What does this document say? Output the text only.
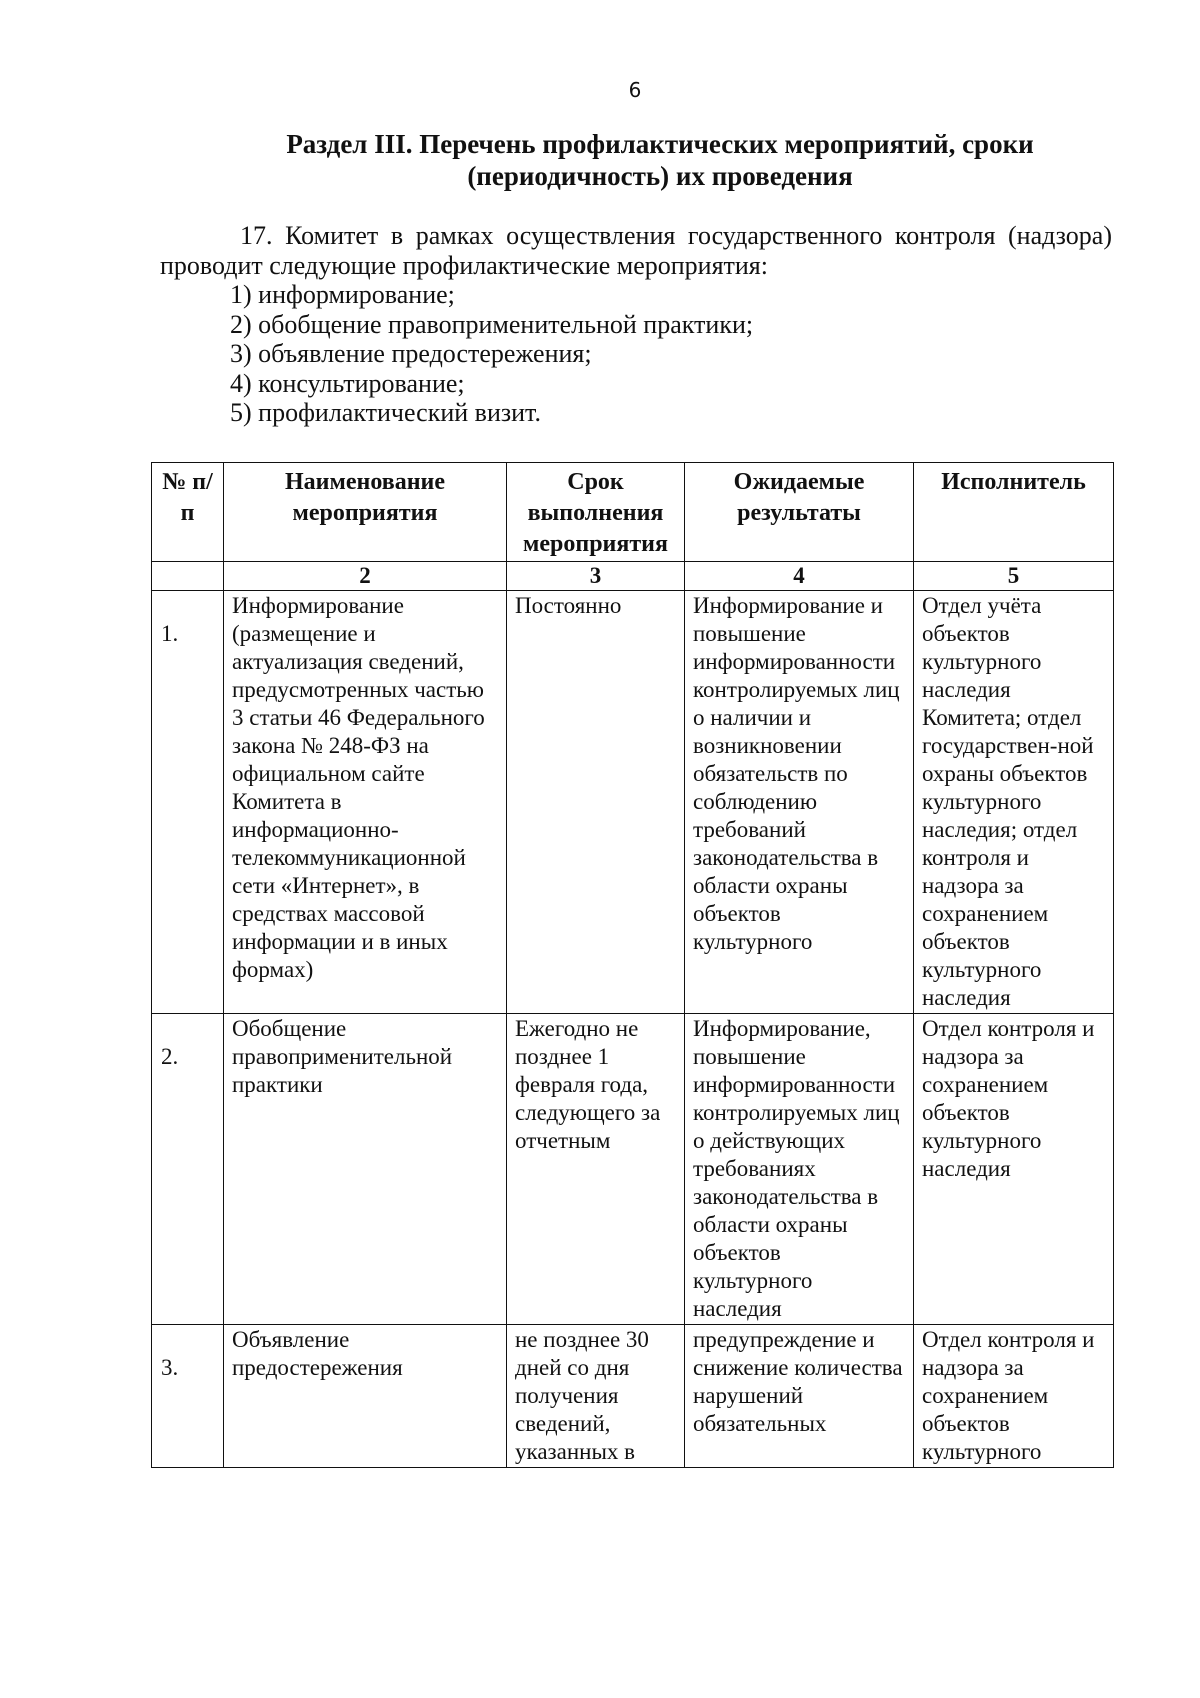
6
Раздел III. Перечень профилактических мероприятий, сроки
(периодичность) их проведения

17. Комитет в рамках осуществления государственного контроля (надзора) проводит следующие профилактические мероприятия:

1) информирование;

2) обобщение правоприменительной практики;

3) объявление предостережения;

4) консультирование;

5) профилактический визит.

№ п/п	Наименование мероприятия	Срок выполнения мероприятия	Ожидаемые результаты	Исполнитель
	2	3	4	5

1.	Информирование (размещение и актуализация сведений, предусмотренных частью 3 статьи 46 Федерального закона № 248-ФЗ на официальном сайте Комитета в информационно-телекоммуникационной сети «Интернет», в средствах массовой информации и в иных формах)	Постоянно	Информирование и повышение информированности контролируемых лиц о наличии и возникновении обязательств по соблюдению требований законодательства в области охраны объектов культурного	Отдел учёта объектов культурного наследия Комитета; отдел государствен-ной охраны объектов культурного наследия; отдел контроля и надзора за сохранением объектов культурного наследия

2.	Обобщение правоприменительной практики	Ежегодно не позднее 1 февраля года, следующего за отчетным	Информирование, повышение информированности контролируемых лиц о действующих требованиях законодательства в области охраны объектов культурного наследия	Отдел контроля и надзора за сохранением объектов культурного наследия

3.	Объявление предостережения	не позднее 30 дней со дня получения сведений, указанных в	предупреждение и снижение количества нарушений обязательных	Отдел контроля и надзора за сохранением объектов культурного
